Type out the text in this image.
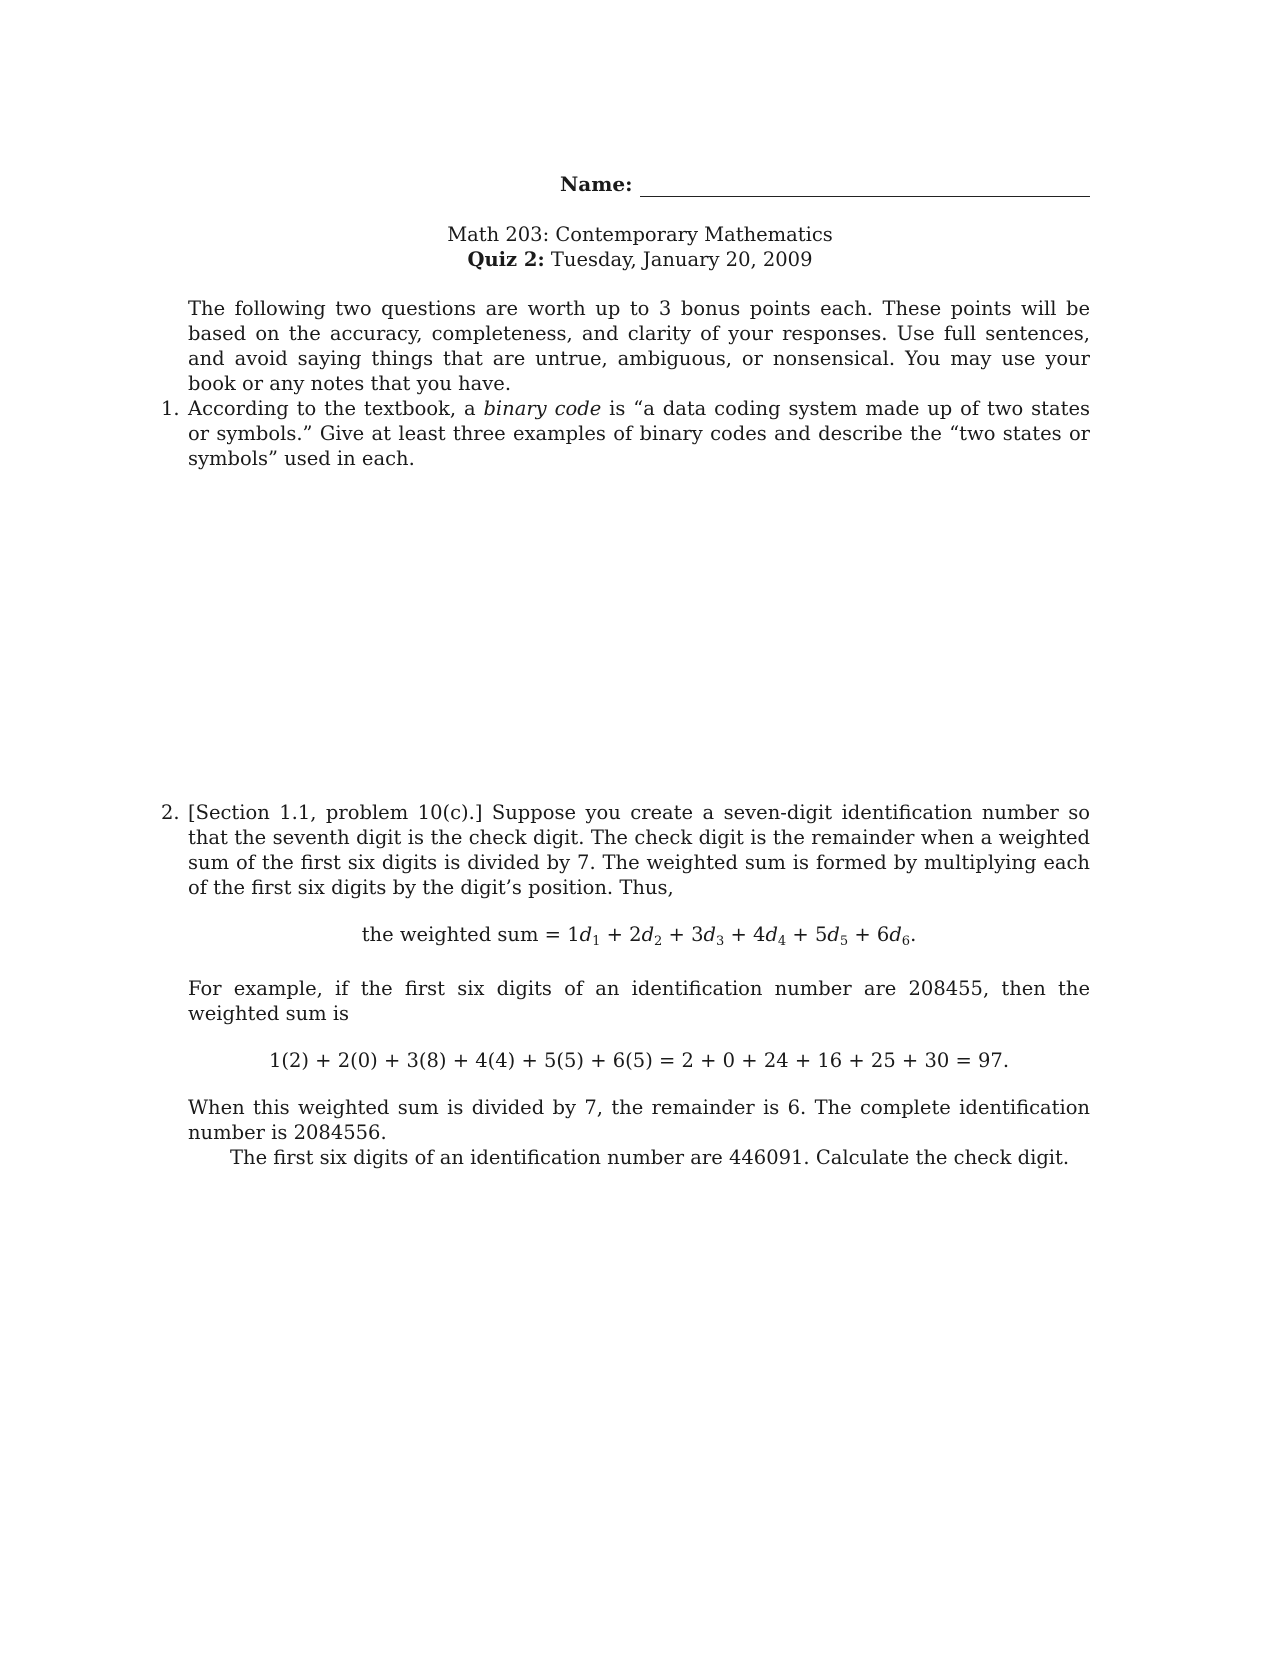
Name:
Math 203: Contemporary Mathematics
Quiz 2: Tuesday, January 20, 2009
The following two questions are worth up to 3 bonus points each. These points will be based on the accuracy, completeness, and clarity of your responses. Use full sentences, and avoid saying things that are untrue, ambiguous, or nonsensical. You may use your book or any notes that you have.
1. According to the textbook, a binary code is “a data coding system made up of two states or symbols.” Give at least three examples of binary codes and describe the “two states or symbols” used in each.
2. [Section 1.1, problem 10(c).] Suppose you create a seven-digit identification number so that the seventh digit is the check digit. The check digit is the remainder when a weighted sum of the first six digits is divided by 7. The weighted sum is formed by multiplying each of the first six digits by the digit’s position. Thus,
the weighted sum = $1d_1 + 2d_2 + 3d_3 + 4d_4 + 5d_5 + 6d_6$.
For example, if the first six digits of an identification number are 208455, then the weighted sum is
1(2) + 2(0) + 3(8) + 4(4) + 5(5) + 6(5) = 2 + 0 + 24 + 16 + 25 + 30 = 97.
When this weighted sum is divided by 7, the remainder is 6. The complete identification number is 2084556.
The first six digits of an identification number are 446091. Calculate the check digit.
